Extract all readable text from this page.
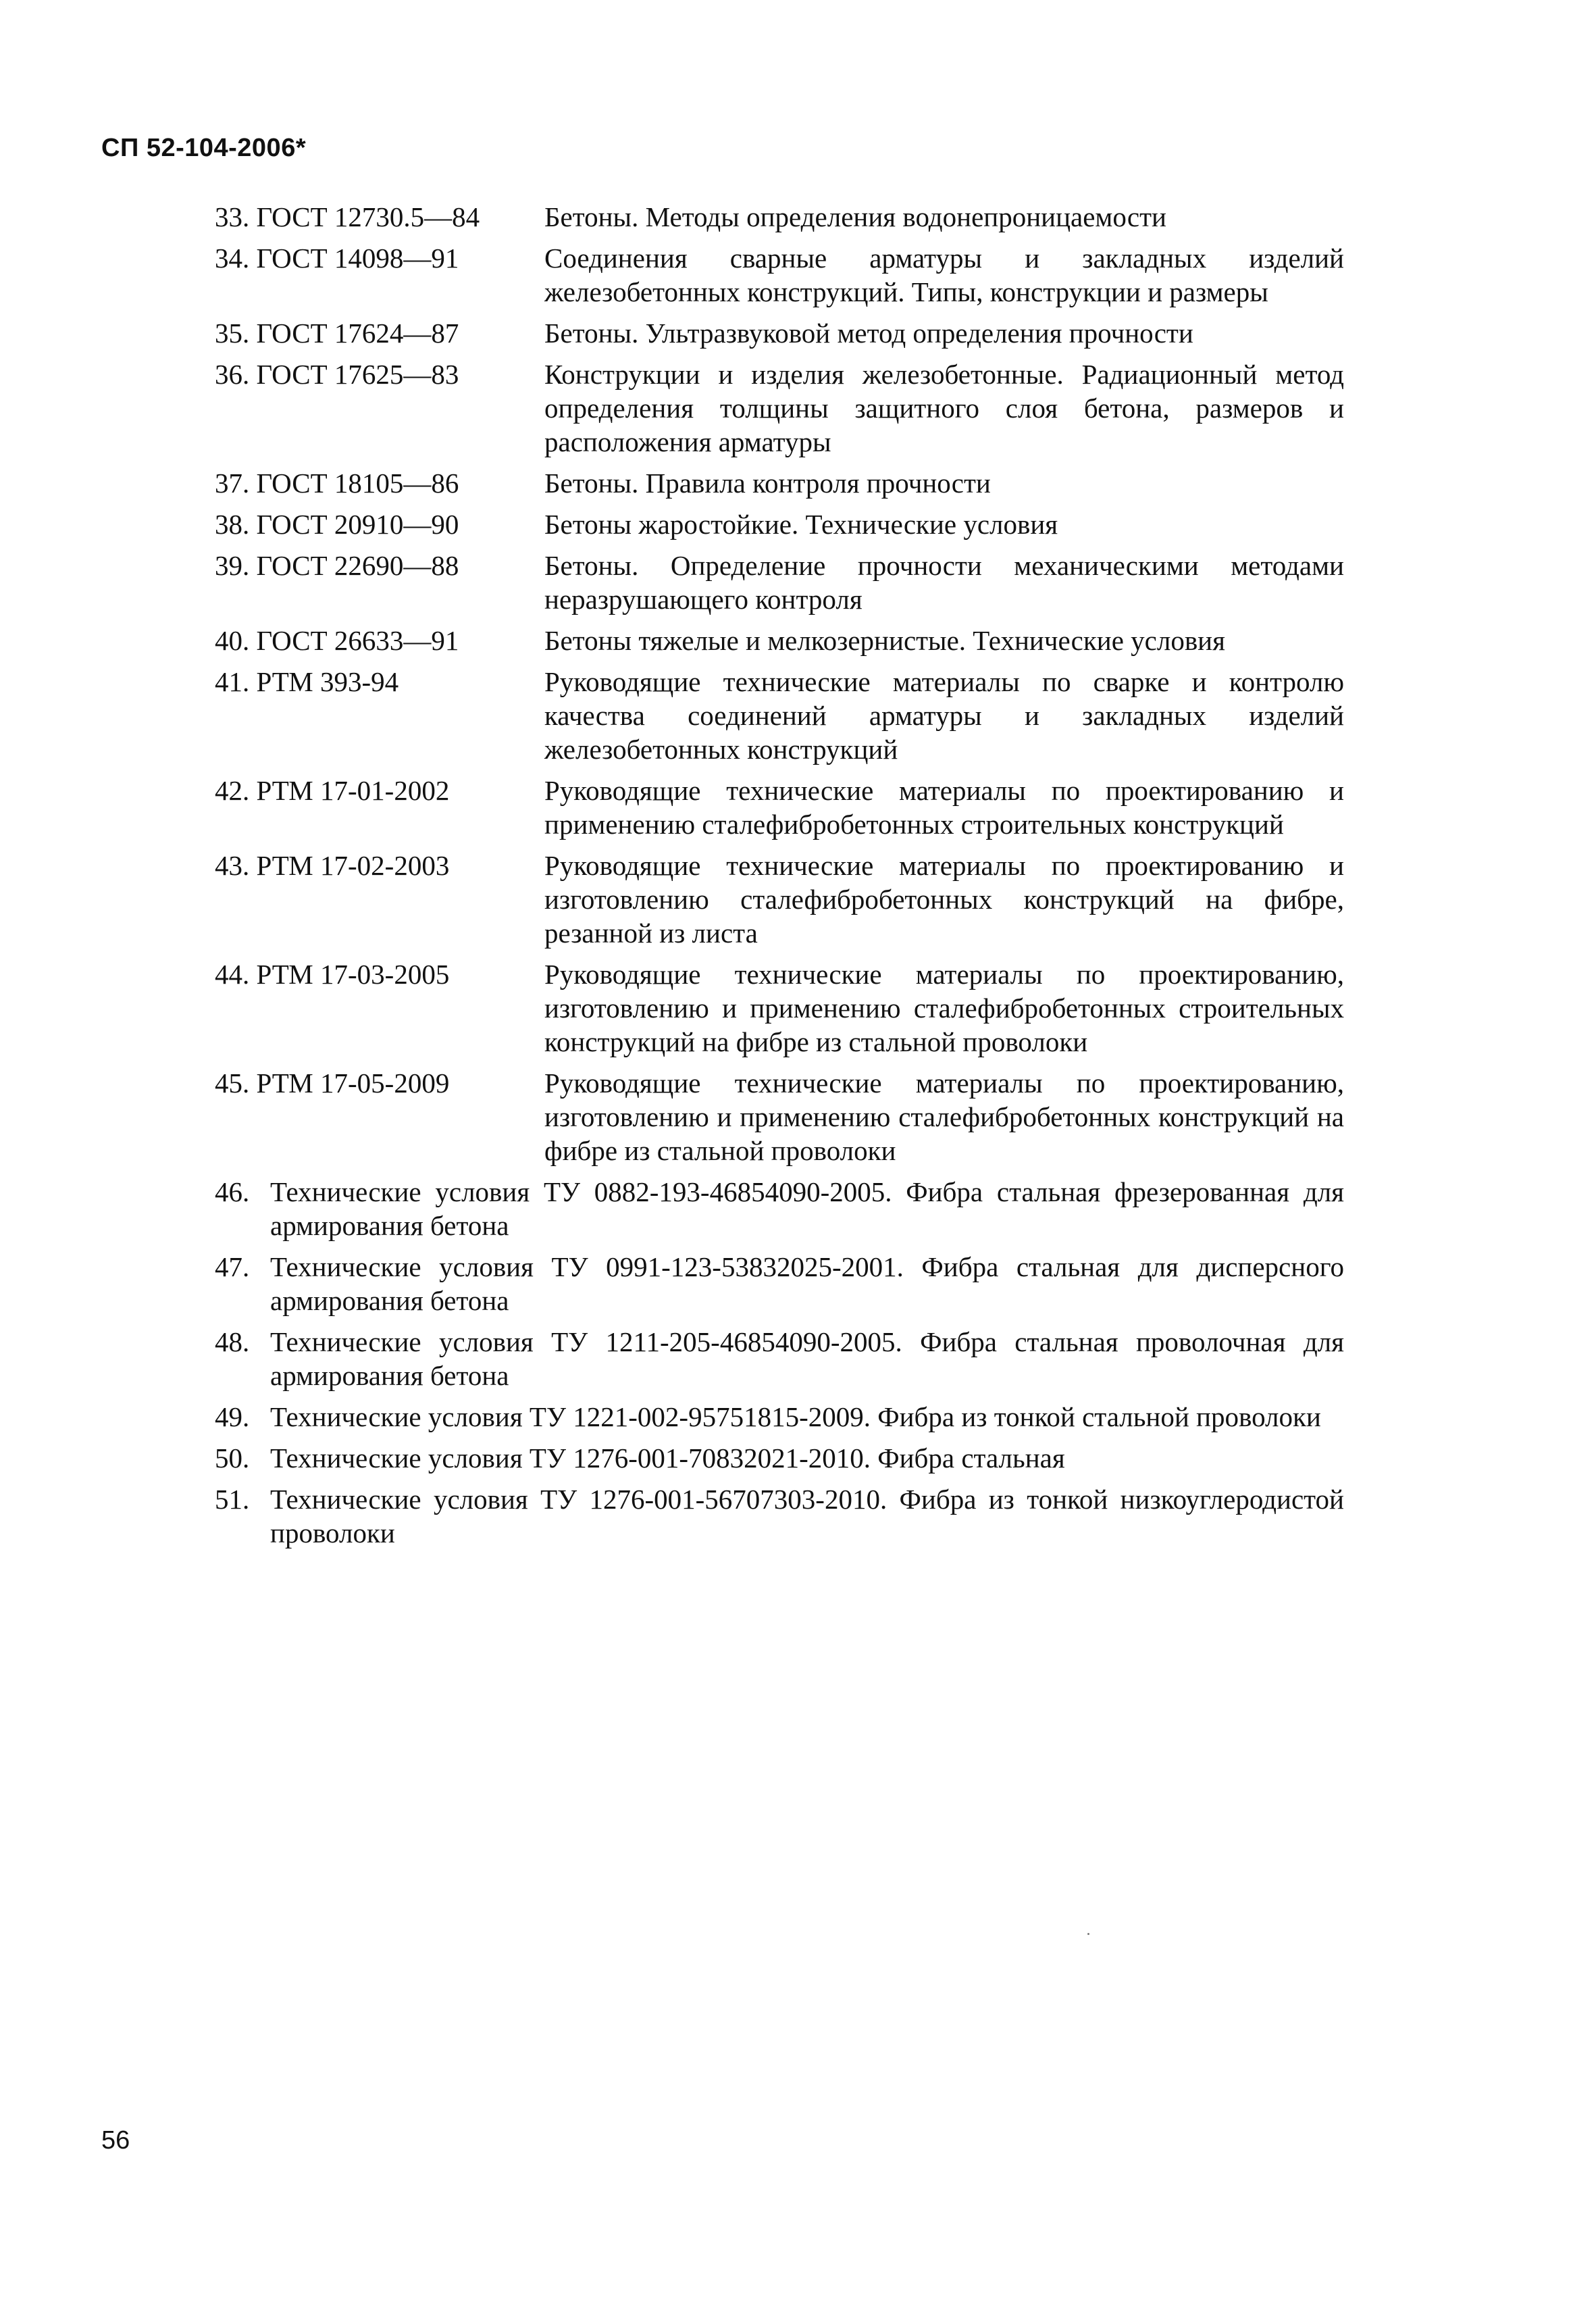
СП 52-104-2006*
33. ГОСТ 12730.5—84	Бетоны. Методы определения водонепроницаемости
34. ГОСТ 14098—91	Соединения сварные арматуры и закладных изделий железобетонных конструкций. Типы, конструкции и размеры
35. ГОСТ 17624—87	Бетоны. Ультразвуковой метод определения прочности
36. ГОСТ 17625—83	Конструкции и изделия железобетонные. Радиационный метод определения толщины защитного слоя бетона, размеров и расположения арматуры
37. ГОСТ 18105—86	Бетоны. Правила контроля прочности
38. ГОСТ 20910—90	Бетоны жаростойкие. Технические условия
39. ГОСТ 22690—88	Бетоны. Определение прочности механическими методами неразрушающего контроля
40. ГОСТ 26633—91	Бетоны тяжелые и мелкозернистые. Технические условия
41. РТМ 393-94	Руководящие технические материалы по сварке и контролю качества соединений арматуры и закладных изделий железобетонных конструкций
42. РТМ 17-01-2002	Руководящие технические материалы по проектированию и применению сталефибробетонных строительных конструкций
43. РТМ 17-02-2003	Руководящие технические материалы по проектированию и изготовлению сталефибробетонных конструкций на фибре, резанной из листа
44. РТМ 17-03-2005	Руководящие технические материалы по проектированию, изготовлению и применению сталефибробетонных строительных конструкций на фибре из стальной проволоки
45. РТМ 17-05-2009	Руководящие технические материалы по проектированию, изготовлению и применению сталефибробетонных конструкций на фибре из стальной проволоки
46. Технические условия ТУ 0882-193-46854090-2005. Фибра стальная фрезерованная для армирования бетона
47. Технические условия ТУ 0991-123-53832025-2001. Фибра стальная для дисперсного армирования бетона
48. Технические условия ТУ 1211-205-46854090-2005. Фибра стальная проволочная для армирования бетона
49. Технические условия ТУ 1221-002-95751815-2009. Фибра из тонкой стальной проволоки
50. Технические условия ТУ 1276-001-70832021-2010. Фибра стальная
51. Технические условия ТУ 1276-001-56707303-2010. Фибра из тонкой низкоуглеродистой проволоки
56
